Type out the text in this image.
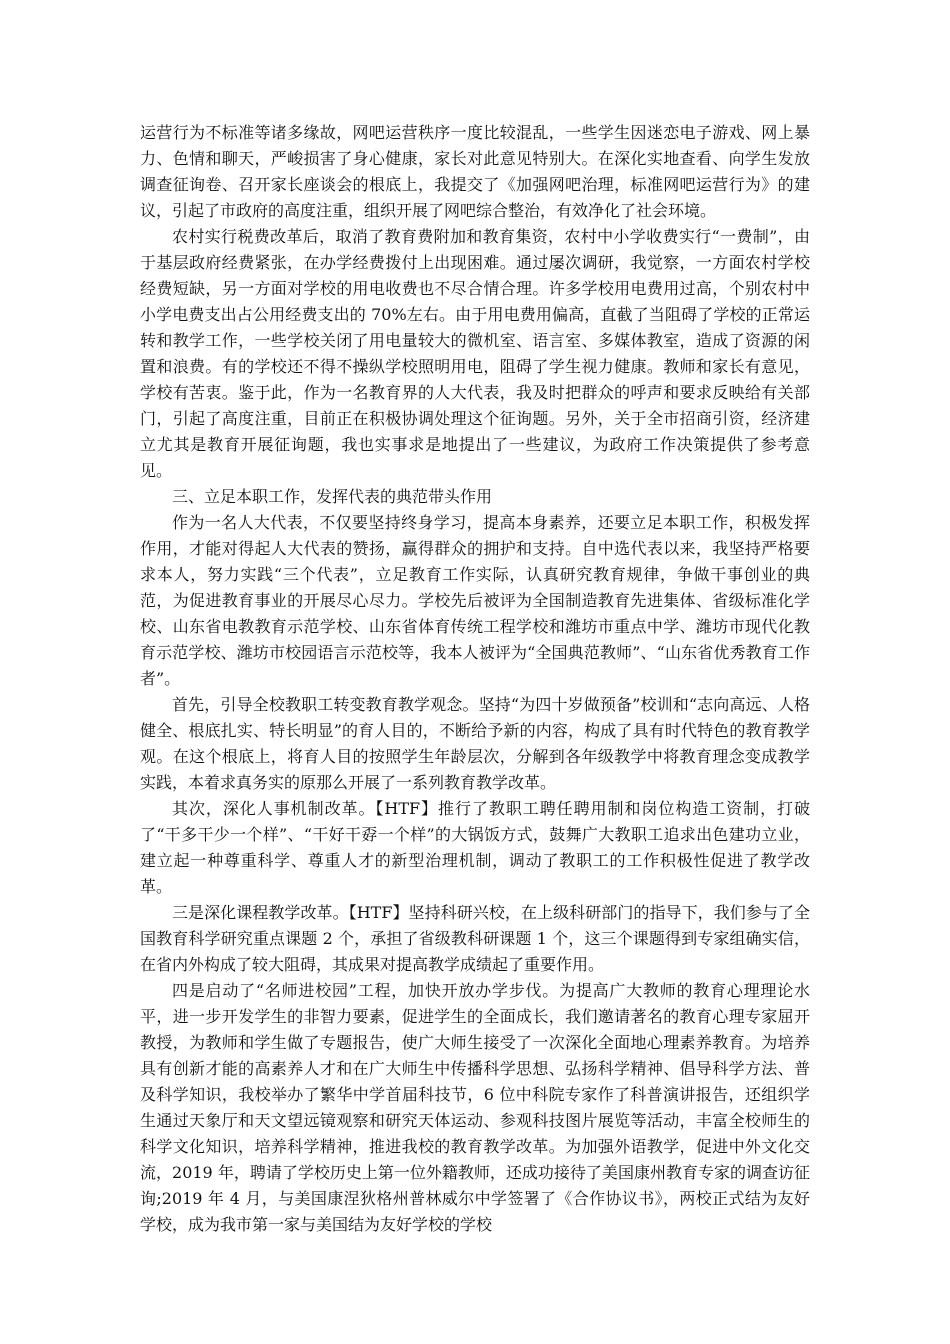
运营行为不标准等诸多缘故，网吧运营秩序一度比较混乱，一些学生因迷恋电子游戏、网上暴力、色情和聊天，严峻损害了身心健康，家长对此意见特别大。在深化实地查看、向学生发放调查征询卷、召开家长座谈会的根底上，我提交了《加强网吧治理，标准网吧运营行为》的建议，引起了市政府的高度注重，组织开展了网吧综合整治，有效净化了社会环境。

农村实行税费改革后，取消了教育费附加和教育集资，农村中小学收费实行“一费制”，由于基层政府经费紧张，在办学经费拨付上出现困难。通过屡次调研，我觉察，一方面农村学校经费短缺，另一方面对学校的用电收费也不尽合情合理。许多学校用电费用过高，个别农村中小学电费支出占公用经费支出的 70%左右。由于用电费用偏高，直截了当阻碍了学校的正常运转和教学工作，一些学校关闭了用电量较大的微机室、语言室、多媒体教室，造成了资源的闲置和浪费。有的学校还不得不操纵学校照明用电，阻碍了学生视力健康。教师和家长有意见，学校有苦衷。鉴于此，作为一名教育界的人大代表，我及时把群众的呼声和要求反映给有关部门，引起了高度注重，目前正在积极协调处理这个征询题。另外，关于全市招商引资，经济建立尤其是教育开展征询题，我也实事求是地提出了一些建议，为政府工作决策提供了参考意见。

三、立足本职工作，发挥代表的典范带头作用

作为一名人大代表，不仅要坚持终身学习，提高本身素养，还要立足本职工作，积极发挥作用，才能对得起人大代表的赞扬，赢得群众的拥护和支持。自中选代表以来，我坚持严格要求本人，努力实践“三个代表”，立足教育工作实际，认真研究教育规律，争做干事创业的典范，为促进教育事业的开展尽心尽力。学校先后被评为全国制造教育先进集体、省级标准化学校、山东省电教教育示范学校、山东省体育传统工程学校和潍坊市重点中学、潍坊市现代化教育示范学校、潍坊市校园语言示范校等，我本人被评为“全国典范教师”、“山东省优秀教育工作者”。

首先，引导全校教职工转变教育教学观念。坚持“为四十岁做预备”校训和“志向高远、人格健全、根底扎实、特长明显”的育人目的，不断给予新的内容，构成了具有时代特色的教育教学观。在这个根底上，将育人目的按照学生年龄层次，分解到各年级教学中将教育理念变成教学实践，本着求真务实的原那么开展了一系列教育教学改革。

其次，深化人事机制改革。【HTF】推行了教职工聘任聘用制和岗位构造工资制，打破了“干多干少一个样”、“干好干孬一个样”的大锅饭方式，鼓舞广大教职工追求出色建功立业，建立起一种尊重科学、尊重人才的新型治理机制，调动了教职工的工作积极性促进了教学改革。

三是深化课程教学改革。【HTF】坚持科研兴校，在上级科研部门的指导下，我们参与了全国教育科学研究重点课题 2 个，承担了省级教科研课题 1 个，这三个课题得到专家组确实信，在省内外构成了较大阻碍，其成果对提高教学成绩起了重要作用。

四是启动了“名师进校园”工程，加快开放办学步伐。为提高广大教师的教育心理理论水平，进一步开发学生的非智力要素，促进学生的全面成长，我们邀请著名的教育心理专家屈开教授，为教师和学生做了专题报告，使广大师生接受了一次深化全面地心理素养教育。为培养具有创新才能的高素养人才和在广大师生中传播科学思想、弘扬科学精神、倡导科学方法、普及科学知识，我校举办了繁华中学首届科技节，6 位中科院专家作了科普演讲报告，还组织学生通过天象厅和天文望远镜观察和研究天体运动、参观科技图片展览等活动，丰富全校师生的科学文化知识，培养科学精神，推进我校的教育教学改革。为加强外语教学，促进中外文化交流，2019 年，聘请了学校历史上第一位外籍教师，还成功接待了美国康州教育专家的调查访征询;2019 年 4 月，与美国康涅狄格州普林威尔中学签署了《合作协议书》，两校正式结为友好学校，成为我市第一家与美国结为友好学校的学校
